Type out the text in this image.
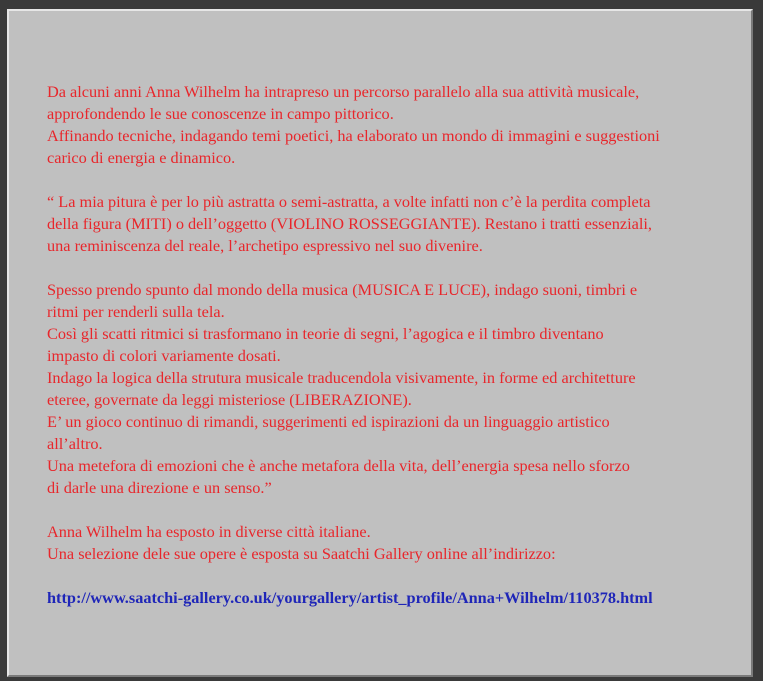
Da alcuni anni Anna Wilhelm ha intrapreso un percorso parallelo alla sua attività musicale,

approfondendo le sue conoscenze in campo pittorico.

Affinando tecniche, indagando temi poetici, ha elaborato un mondo di immagini e suggestioni

carico di energia e dinamico.

“ La mia pitura è per lo più astratta o semi-astratta, a volte infatti non c’è la perdita completa

della figura (MITI) o dell’oggetto (VIOLINO ROSSEGGIANTE). Restano i tratti essenziali,

una reminiscenza del reale, l’archetipo espressivo nel suo divenire.

Spesso prendo spunto dal mondo della musica (MUSICA E LUCE), indago suoni, timbri e

ritmi per renderli sulla tela.

Così gli scatti ritmici si trasformano in teorie di segni, l’agogica e il timbro diventano

impasto di colori variamente dosati.

Indago la logica della strutura musicale traducendola visivamente, in forme ed architetture

eteree, governate da leggi misteriose (LIBERAZIONE).

E’ un gioco continuo di rimandi, suggerimenti ed ispirazioni da un linguaggio artistico

all’altro.

Una metefora di emozioni che è anche metafora della vita, dell’energia spesa nello sforzo

di darle una direzione e un senso.”

Anna Wilhelm ha esposto in diverse città italiane.

Una selezione dele sue opere è esposta su Saatchi Gallery online all’indirizzo:

http://www.saatchi-gallery.co.uk/yourgallery/artist_profile/Anna+Wilhelm/110378.html
